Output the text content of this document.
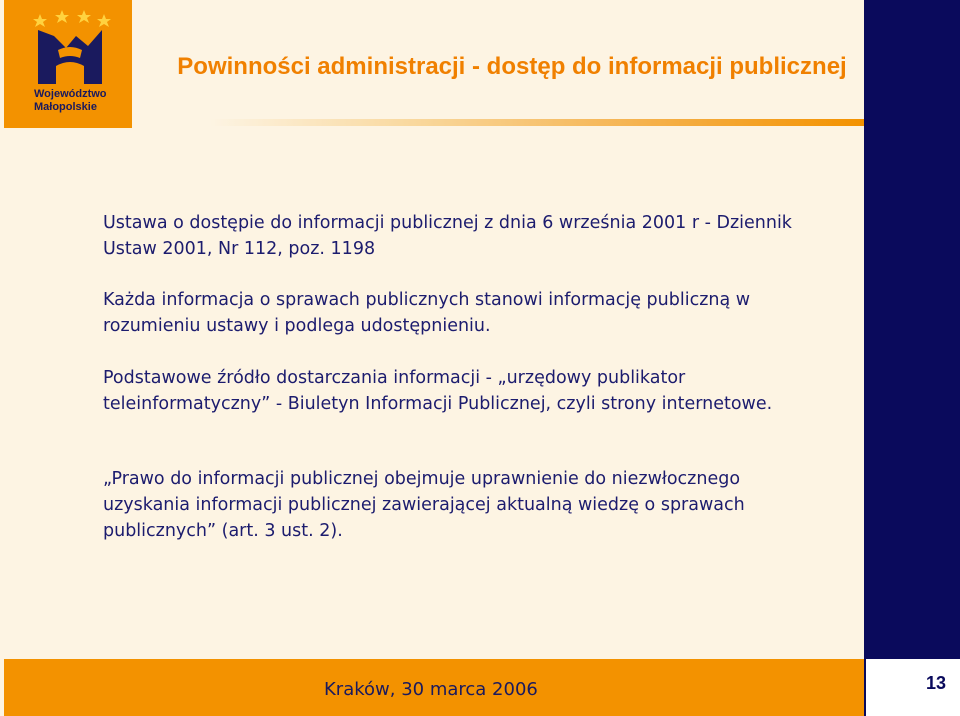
Województwo
Małopolskie
Powinności administracji - dostęp do informacji publicznej
Ustawa o dostępie do informacji publicznej z dnia 6 września 2001 r - Dziennik Ustaw 2001, Nr 112, poz. 1198
Każda informacja o sprawach publicznych stanowi informację publiczną w rozumieniu ustawy i podlega udostępnieniu.
Podstawowe źródło dostarczania informacji - „urzędowy publikator teleinformatyczny” - Biuletyn Informacji Publicznej, czyli strony internetowe.
„Prawo do informacji publicznej obejmuje uprawnienie do niezwłocznego uzyskania informacji publicznej zawierającej aktualną wiedzę o sprawach publicznych” (art. 3 ust. 2).
Kraków, 30 marca 2006	13
